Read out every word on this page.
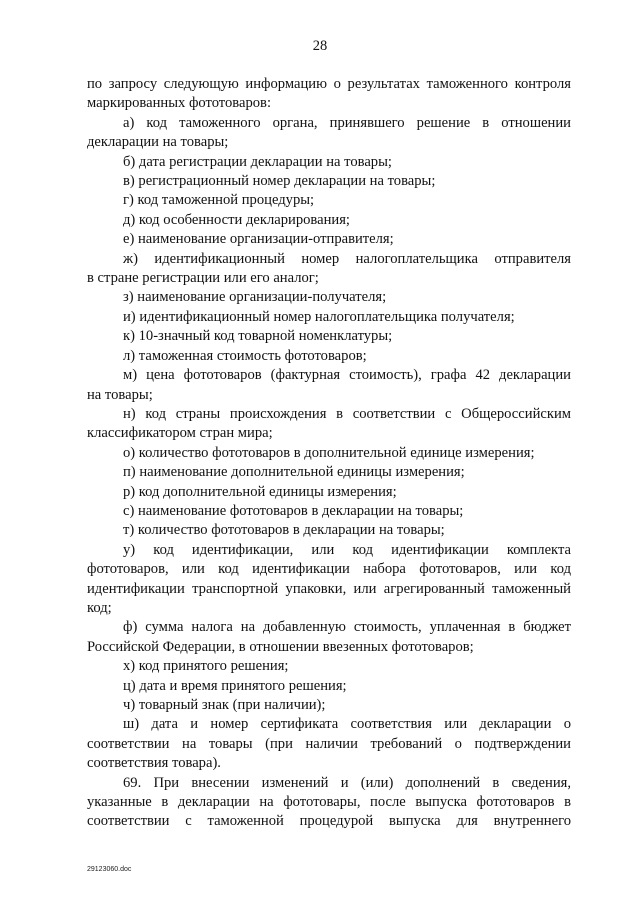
28
по запросу следующую информацию о результатах таможенного контроля
маркированных фототоваров:
а) код таможенного органа, принявшего решение в отношении
декларации на товары;
б) дата регистрации декларации на товары;
в) регистрационный номер декларации на товары;
г) код таможенной процедуры;
д) код особенности декларирования;
е) наименование организации-отправителя;
ж) идентификационный номер налогоплательщика отправителя
в стране регистрации или его аналог;
з) наименование организации-получателя;
и) идентификационный номер налогоплательщика получателя;
к) 10-значный код товарной номенклатуры;
л) таможенная стоимость фототоваров;
м) цена фототоваров (фактурная стоимость), графа 42 декларации
на товары;
н) код страны происхождения в соответствии с Общероссийским
классификатором стран мира;
о) количество фототоваров в дополнительной единице измерения;
п) наименование дополнительной единицы измерения;
р) код дополнительной единицы измерения;
с) наименование фототоваров в декларации на товары;
т) количество фототоваров в декларации на товары;
у) код идентификации, или код идентификации комплекта
фототоваров, или код идентификации набора фототоваров, или код
идентификации транспортной упаковки, или агрегированный таможенный
код;
ф) сумма налога на добавленную стоимость, уплаченная в бюджет
Российской Федерации, в отношении ввезенных фототоваров;
х) код принятого решения;
ц) дата и время принятого решения;
ч) товарный знак (при наличии);
ш) дата и номер сертификата соответствия или декларации о
соответствии на товары (при наличии требований о подтверждении
соответствия товара).
69. При внесении изменений и (или) дополнений в сведения,
указанные в декларации на фототовары, после выпуска фототоваров в
соответствии с таможенной процедурой выпуска для внутреннего
29123060.doc
